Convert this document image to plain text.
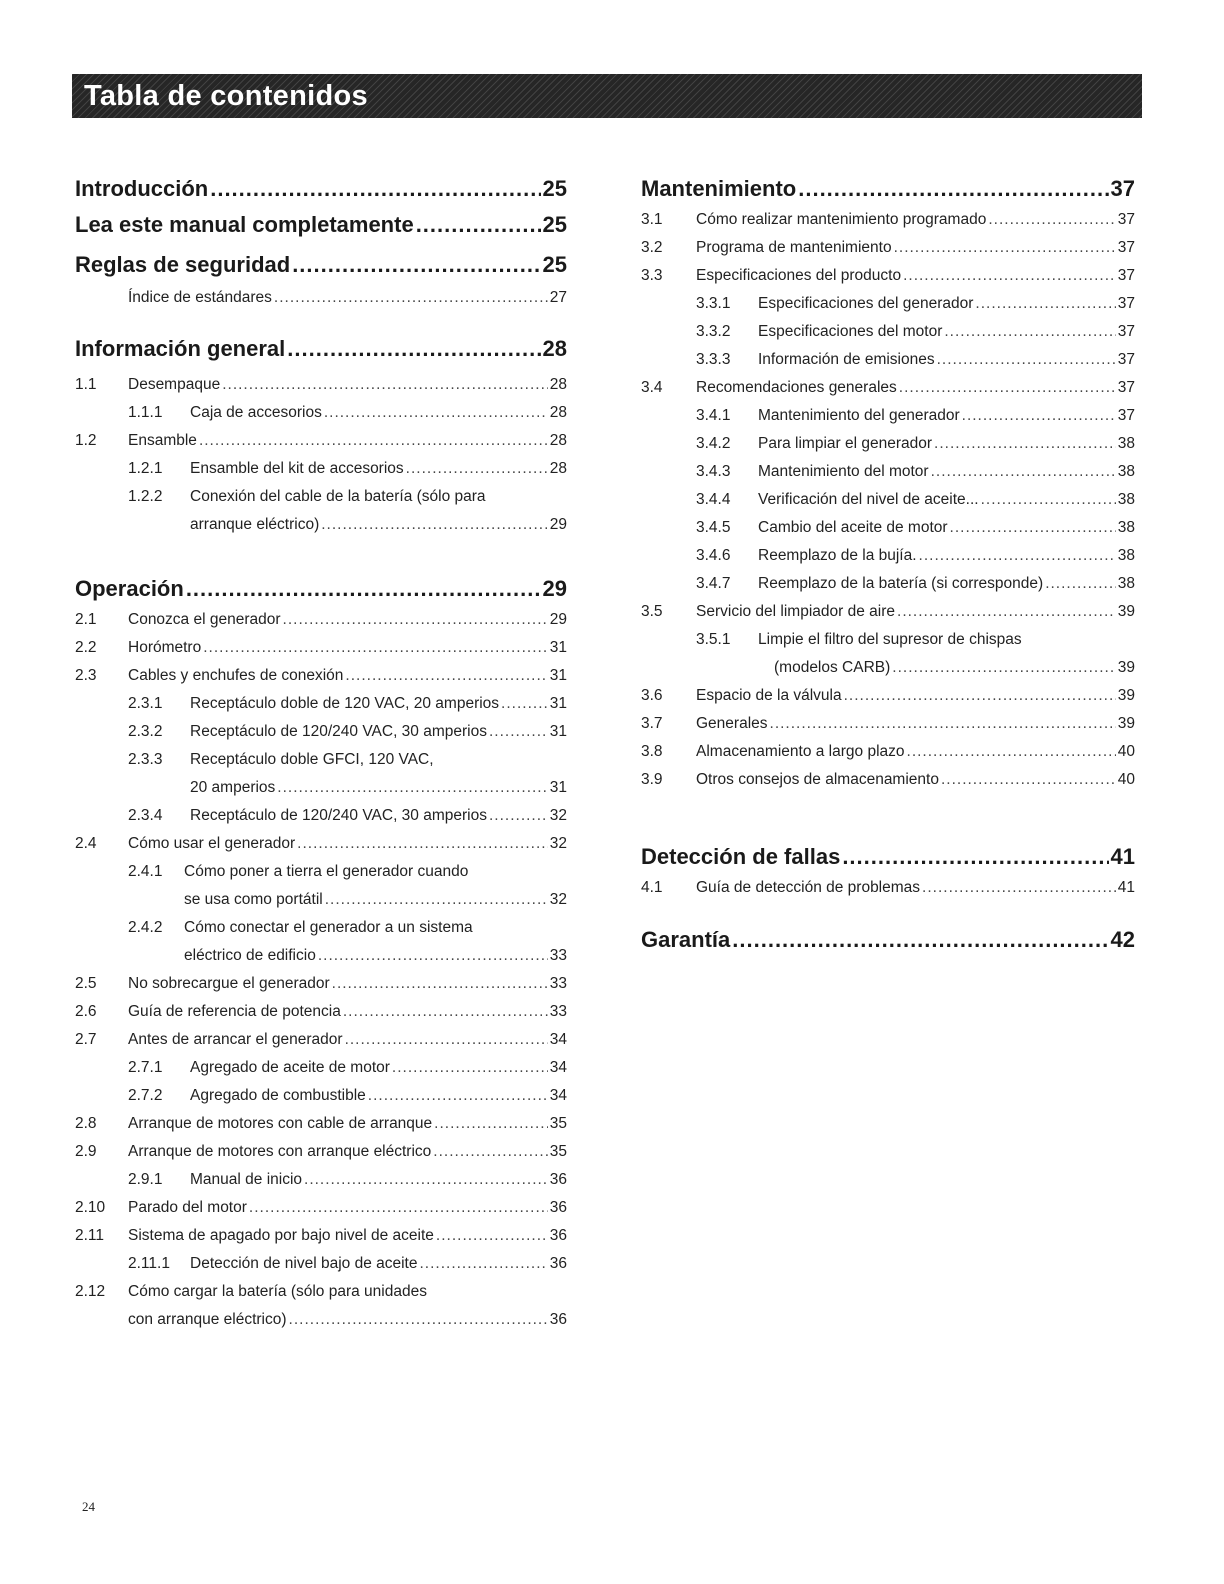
Tabla de contenidos
Introducción .....	25
Lea este manual completamente .....	25
Reglas de seguridad .....	25
Índice de estándares .....	27
Información general .....	28
1.1	Desempaque .....	28
1.1.1	Caja de accesorios .....	28
1.2	Ensamble .....	28
1.2.1	Ensamble del kit de accesorios .....	28
1.2.2	Conexión del cable de la batería (sólo para
arranque eléctrico) .....	29
Operación .....	29
2.1	Conozca el generador .....	29
2.2	Horómetro .....	31
2.3	Cables y enchufes de conexión .....	31
2.3.1	Receptáculo doble de 120 VAC, 20 amperios .....	31
2.3.2	Receptáculo de 120/240 VAC, 30 amperios .....	31
2.3.3	Receptáculo doble GFCI, 120 VAC,
20 amperios .....	31
2.3.4	Receptáculo de 120/240 VAC, 30 amperios .....	32
2.4	Cómo usar el generador .....	32
2.4.1	Cómo poner a tierra el generador cuando
se usa como portátil .....	32
2.4.2	Cómo conectar el generador a un sistema
eléctrico de edificio .....	33
2.5	No sobrecargue el generador .....	33
2.6	Guía de referencia de potencia .....	33
2.7	Antes de arrancar el generador .....	34
2.7.1	Agregado de aceite de motor .....	34
2.7.2	Agregado de combustible .....	34
2.8	Arranque de motores con cable de arranque .....	35
2.9	Arranque de motores con arranque eléctrico .....	35
2.9.1	Manual de inicio .....	36
2.10	Parado del motor .....	36
2.11	Sistema de apagado por bajo nivel de aceite .....	36
2.11.1	Detección de nivel bajo de aceite .....	36
2.12	Cómo cargar la batería (sólo para unidades
con arranque eléctrico) .....	36
Mantenimiento .....	37
3.1	Cómo realizar mantenimiento programado .....	37
3.2	Programa de mantenimiento .....	37
3.3	Especificaciones del producto .....	37
3.3.1	Especificaciones del generador .....	37
3.3.2	Especificaciones del motor .....	37
3.3.3	Información de emisiones .....	37
3.4	Recomendaciones generales .....	37
3.4.1	Mantenimiento del generador .....	37
3.4.2	Para limpiar el generador .....	38
3.4.3	Mantenimiento del motor .....	38
3.4.4	Verificación del nivel de aceite... .....	38
3.4.5	Cambio del aceite de motor .....	38
3.4.6	Reemplazo de la bujía. .....	38
3.4.7	Reemplazo de la batería (si corresponde) .....	38
3.5	Servicio del limpiador de aire .....	39
3.5.1	Limpie el filtro del supresor de chispas
(modelos CARB) .....	39
3.6	Espacio de la válvula .....	39
3.7	Generales .....	39
3.8	Almacenamiento a largo plazo .....	40
3.9	Otros consejos de almacenamiento .....	40
Detección de fallas .....	41
4.1	Guía de detección de problemas .....	41
Garantía .....	42
24
